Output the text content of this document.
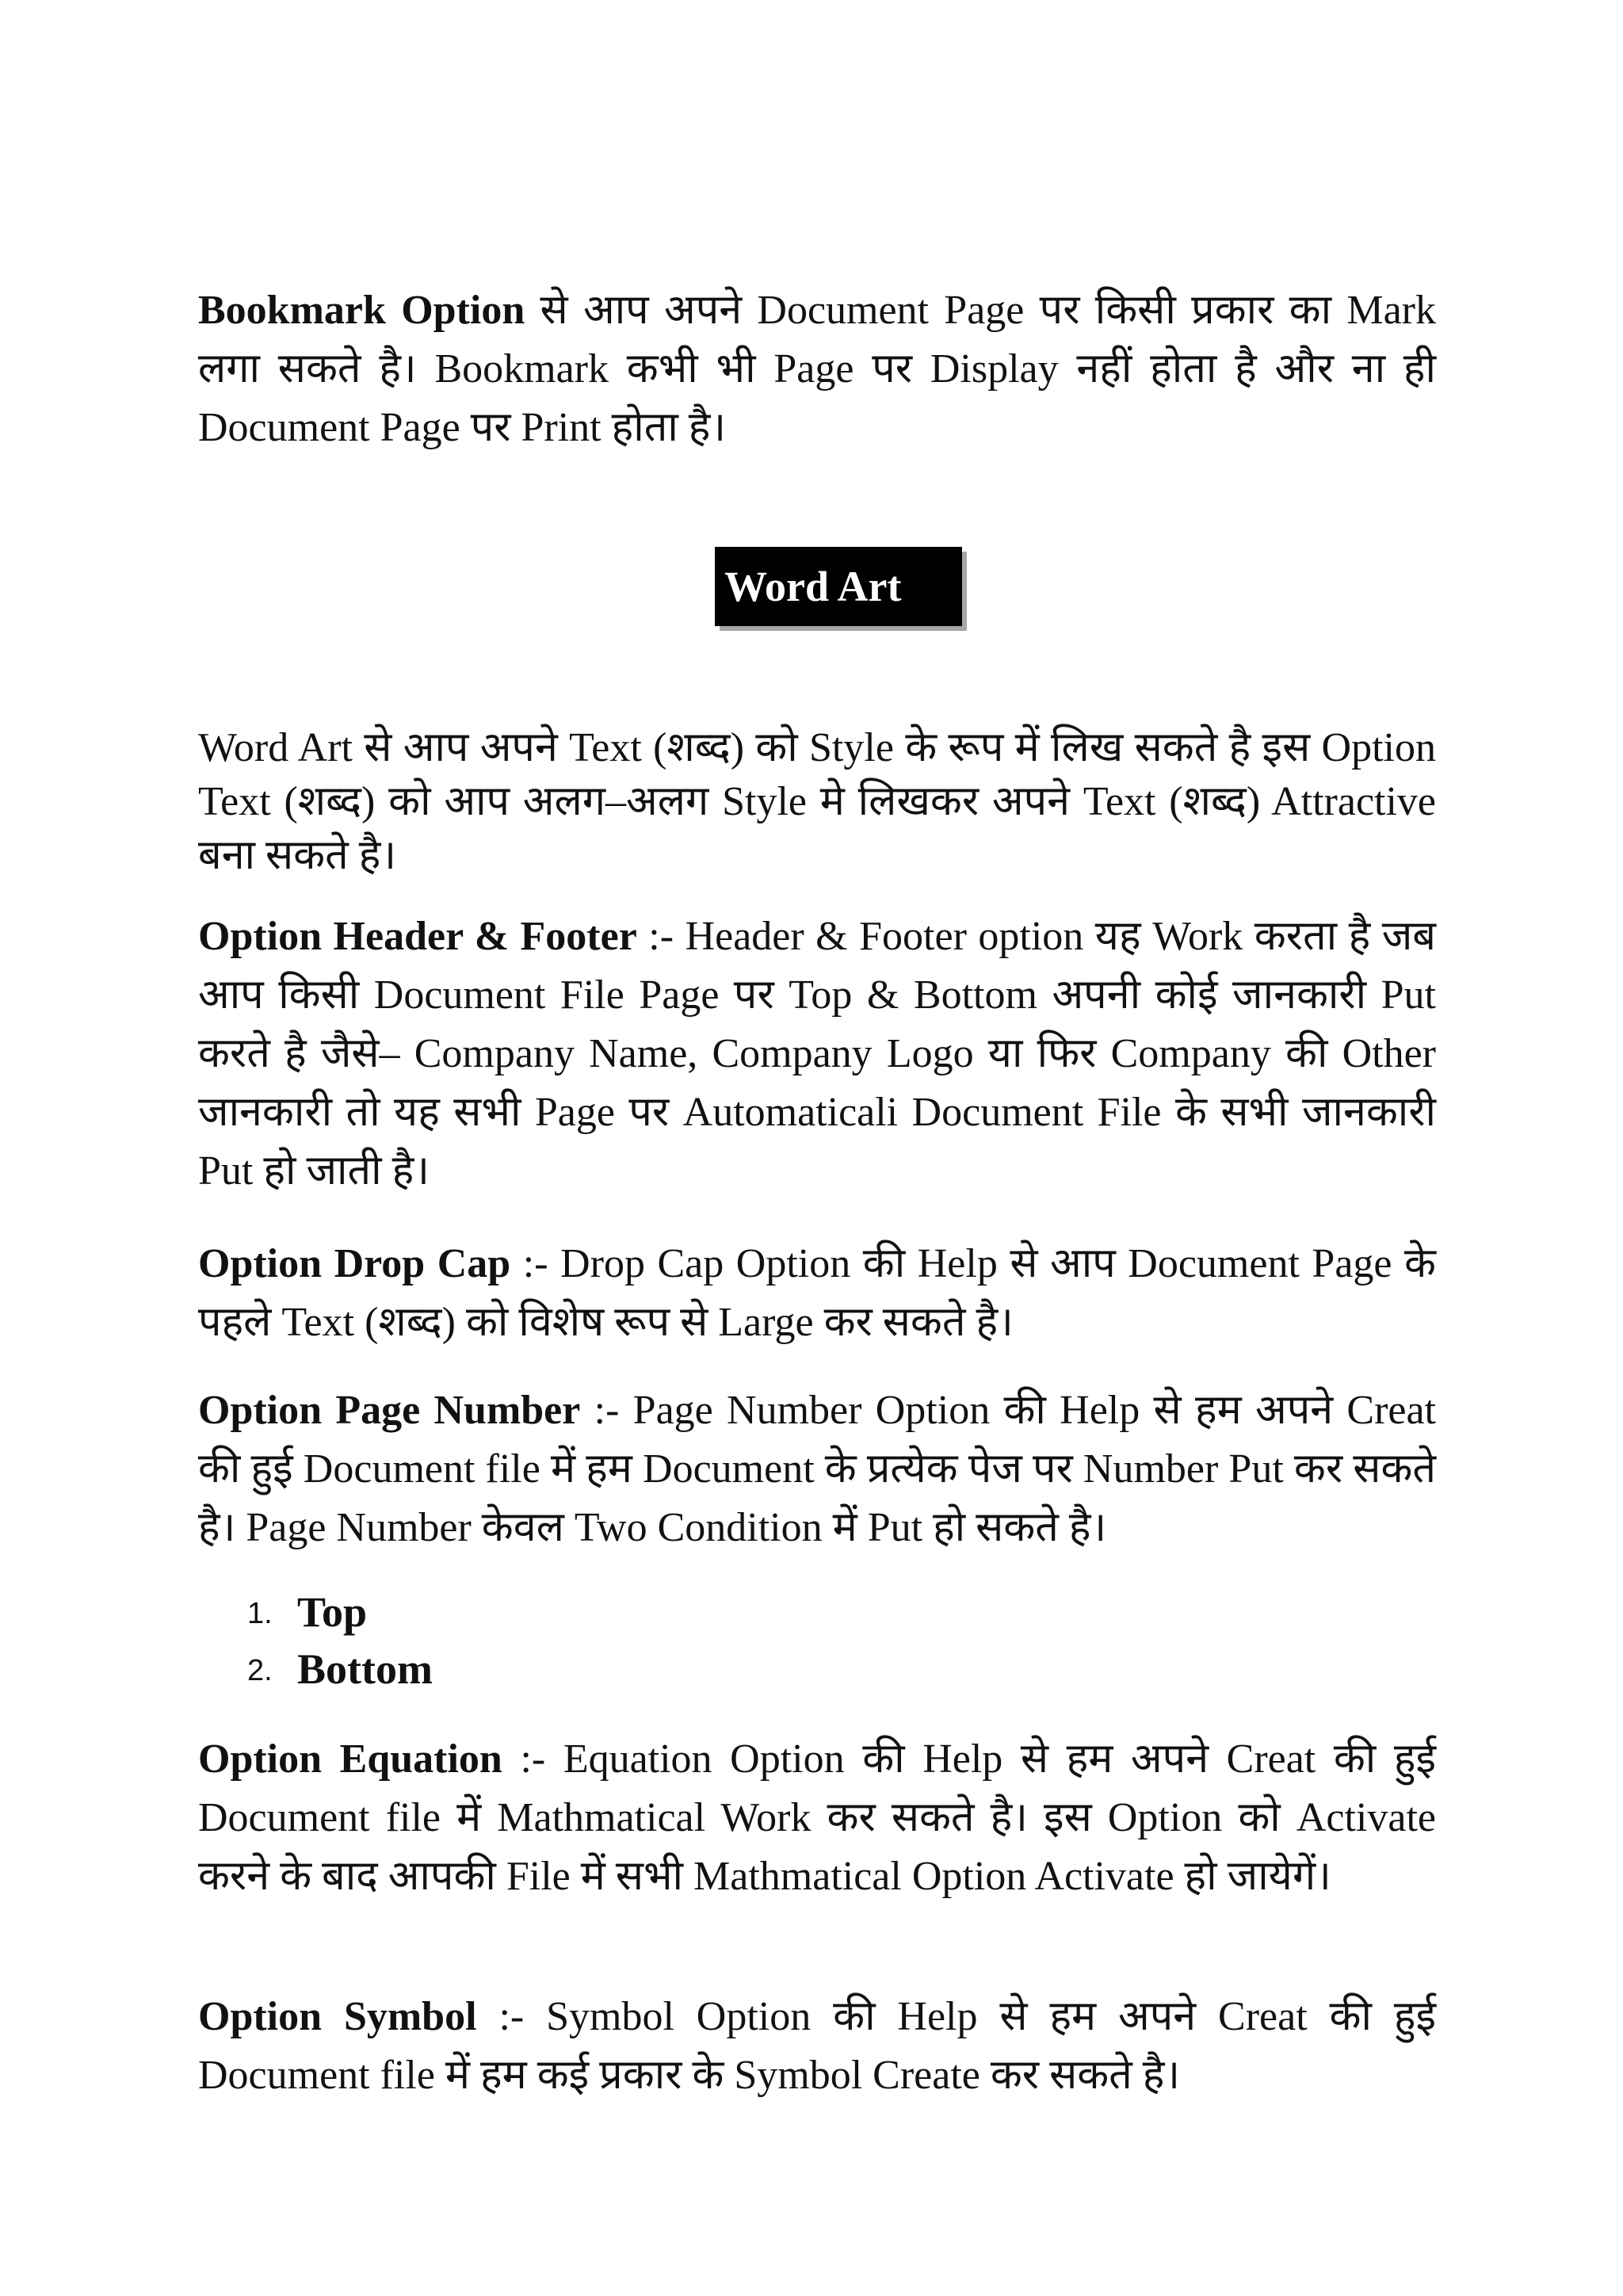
Bookmark Option से आप अपने Document Page पर किसी प्रकार का Mark लगा सकते है। Bookmark कभी भी Page पर Display नहीं होता है और ना ही Document Page पर Print होता है।

Word Art

Word Art से आप अपने Text (शब्द) को Style के रूप में लिख सकते है इस Option Text (शब्द) को आप अलग–अलग Style मे लिखकर अपने Text (शब्द) Attractive बना सकते है।

Option Header & Footer :- Header & Footer option यह Work करता है जब आप किसी Document File Page पर Top & Bottom अपनी कोई जानकारी Put करते है जैसे– Company Name, Company Logo या फिर Company की Other जानकारी तो यह सभी Page पर Automaticali Document File के सभी जानकारी Put हो जाती है।

Option Drop Cap :- Drop Cap Option की Help से आप Document Page के पहले Text (शब्द) को विशेष रूप से Large कर सकते है।

Option Page Number :- Page Number Option की Help से हम अपने Creat की हुई Document file में हम Document के प्रत्येक पेज पर Number Put कर सकते है। Page Number केवल Two Condition में Put हो सकते है।

1. Top
2. Bottom

Option Equation :- Equation Option की Help से हम अपने Creat की हुई Document file में Mathmatical Work कर सकते है। इस Option को Activate करने के बाद आपकी File में सभी Mathmatical Option Activate हो जायेगें।

Option Symbol :- Symbol Option की Help से हम अपने Creat की हुई Document file में हम कई प्रकार के Symbol Create कर सकते है।
